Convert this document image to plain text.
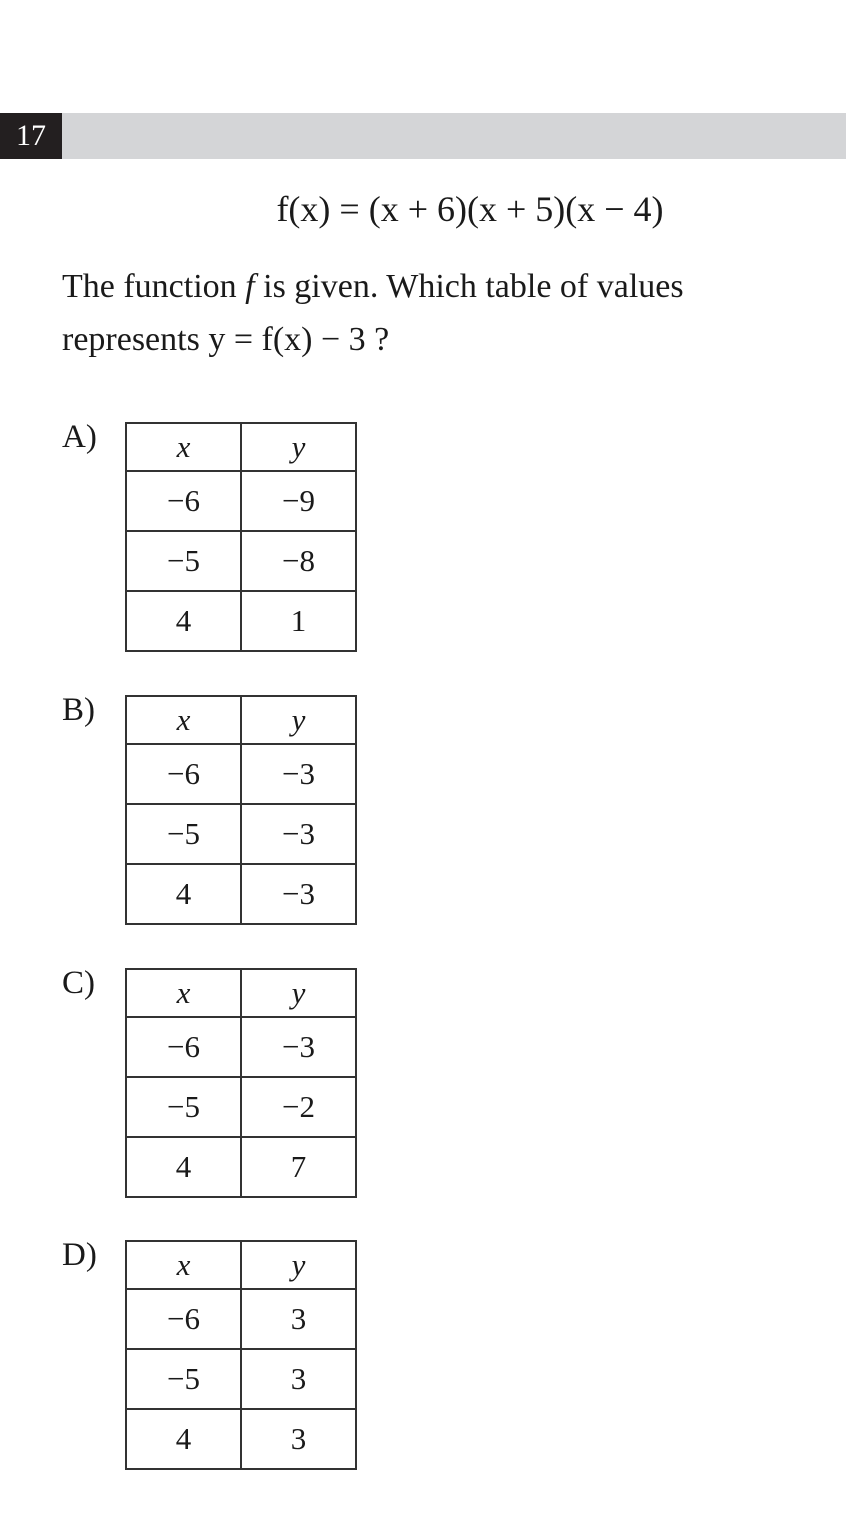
17
f(x) = (x + 6)(x + 5)(x − 4)
The function f is given. Which table of values
represents y = f(x) − 3 ?
A)	x	y
−6	−9
−5	−8
4	1
B)	x	y
−6	−3
−5	−3
4	−3
C)	x	y
−6	−3
−5	−2
4	7
D)	x	y
−6	3
−5	3
4	3
